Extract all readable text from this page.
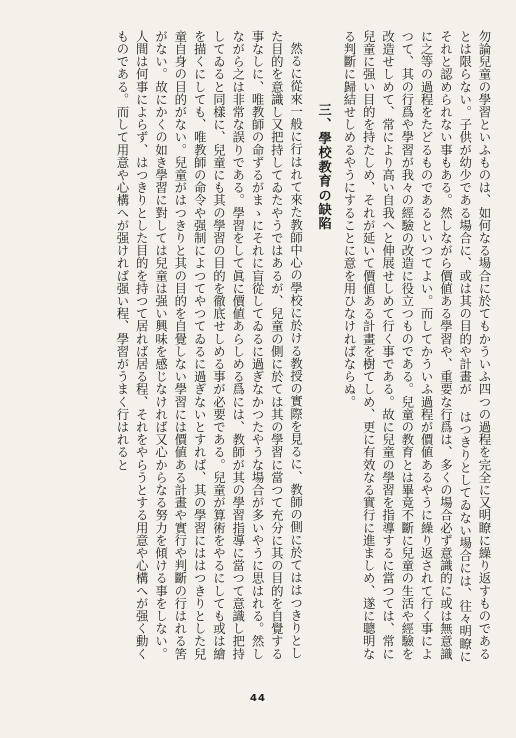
勿論兒童の學習といふものは、如何なる場合に於てもかういふ四つの過程を完全に又明瞭に繰り返すものであるとは限らない。子供が幼少である場合に、或は其の目的や計畫が はつきりとしてゐない場合には、往々明瞭にそれと認められない事もある。然しながら價値ある學習や、重要な行爲は、多くの場合必ず意識的に或は無意識に之等の過程をたどるものであるといつてよい。而してかういふ過程が價値あるやうに繰り返されて行く事によつて、其の行爲や學習が我々の經驗の改造に役立つものである。兒童の教育とは畢竟不斷に兒童の生活や經驗を改造せしめて、常により高い自我へと伸展せしめて行く事である。故に兒童の學習を指導するに當つては、常に兒童に强い目的を持たしめ、それが延いて價値ある計畫を樹てしめ、更に有效なる實行に進ましめ、遂に聰明なる判斷に歸結せしめるやうにすることに意を用ひなければならぬ。

三、學校教育の缺陷

然るに從來一般に行はれて來た教師中心の學校に於ける教授の實際を見るに、教師の側に於てははつきりとした目的を意識し又把持してゐたやうではあるが、兒童の側に於ては其の學習に當つて充分に其の目的を自覺する事なしに、唯教師の命ずるがまゝにそれに盲從してゐるに過ぎなかつたやうな場合が多いやうに思はれる。然しながら之は非常な誤りである。學習をして眞に價値あらしめる爲には、教師が其の學習指導に當つて意識し把持してゐると同樣に、兒童にも其の學習の目的を徹底せしめる事が必要である。兒童が算術をやるにしても或は繪を描くにしても、唯教師の命令や强制によつてやつてゐるに過ぎないとすれば、其の學習にははつきりとした兒童自身の目的がない。兒童がはつきりと其の目的を自覺しない學習には價値ある計畫や實行や判斷の行はれる筈がない。故にかくの如き學習に對しては兒童は强い興味を感じなければ又心からなる努力を傾ける事をしない。人間は何事によらず、はつきりとした目的を持つて居れば居る程、それをやらうとする用意や心構へが强く動くものである。而して用意や心構へが强ければ强い程、學習がうまく行はれると

44
